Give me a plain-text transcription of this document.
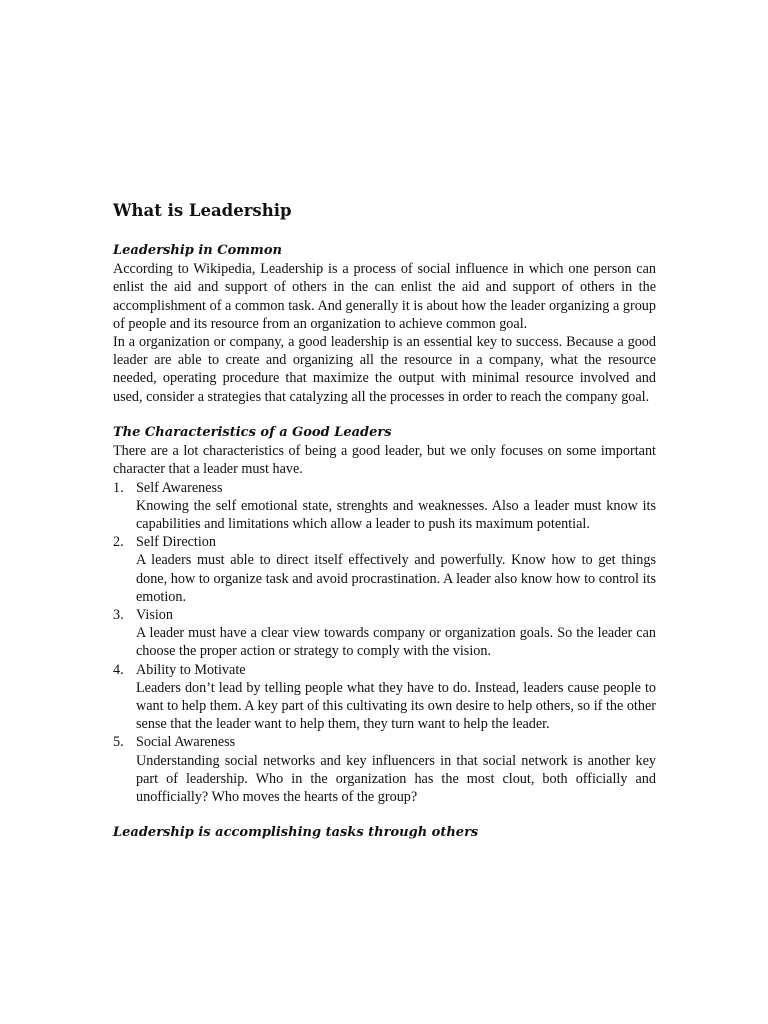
What is Leadership
Leadership in Common

According to Wikipedia, Leadership is a process of social influence in which one person can enlist the aid and support of others in the can enlist the aid and support of others in the accomplishment of a common task. And generally it is about how the leader organizing a group of people and its resource from an organization to achieve common goal.

In a organization or company, a good leadership is an essential key to success. Because a good leader are able to create and organizing all the resource in a company, what the resource needed, operating procedure that maximize the output with minimal resource involved and used, consider a strategies that catalyzing all the processes in order to reach the company goal.

The Characteristics of a Good Leaders

There are a lot characteristics of being a good leader, but we only focuses on some important character that a leader must have.

1. Self Awareness

Knowing the self emotional state, strenghts and weaknesses. Also a leader must know its capabilities and limitations which allow a leader to push its maximum potential.

2. Self Direction

A leaders must able to direct itself effectively and powerfully. Know how to get things done, how to organize task and avoid procrastination. A leader also know how to control its emotion.

3. Vision

A leader must have a clear view towards company or organization goals. So the leader can choose the proper action or strategy to comply with the vision.

4. Ability to Motivate

Leaders don’t lead by telling people what they have to do. Instead, leaders cause people to want to help them. A key part of this cultivating its own desire to help others, so if the other sense that the leader want to help them, they turn want to help the leader.

5. Social Awareness

Understanding social networks and key influencers in that social network is another key part of leadership. Who in the organization has the most clout, both officially and unofficially? Who moves the hearts of the group?

Leadership is accomplishing tasks through others
